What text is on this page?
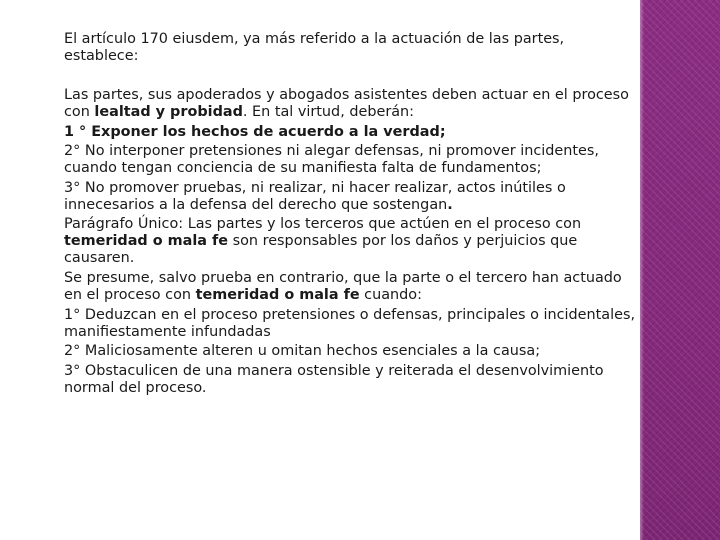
El artículo 170 eiusdem, ya más referido a la actuación de las partes, establece:

Las partes, sus apoderados y abogados asistentes deben actuar en el proceso con lealtad y probidad. En tal virtud, deberán:

1 ° Exponer los hechos de acuerdo a la verdad;

2° No interponer pretensiones ni alegar defensas, ni promover incidentes, cuando tengan conciencia de su manifiesta falta de fundamentos;

3° No promover pruebas, ni realizar, ni hacer realizar, actos inútiles o innecesarios a la defensa del derecho que sostengan.

Parágrafo Único: Las partes y los terceros que actúen en el proceso con temeridad o mala fe son responsables por los daños y perjuicios que causaren.

Se presume, salvo prueba en contrario, que la parte o el tercero han actuado en el proceso con temeridad o mala fe cuando:

1° Deduzcan en el proceso pretensiones o defensas, principales o incidentales, manifiestamente infundadas

2° Maliciosamente alteren u omitan hechos esenciales a la causa;

3° Obstaculicen de una manera ostensible y reiterada el desenvolvimiento normal del proceso.
